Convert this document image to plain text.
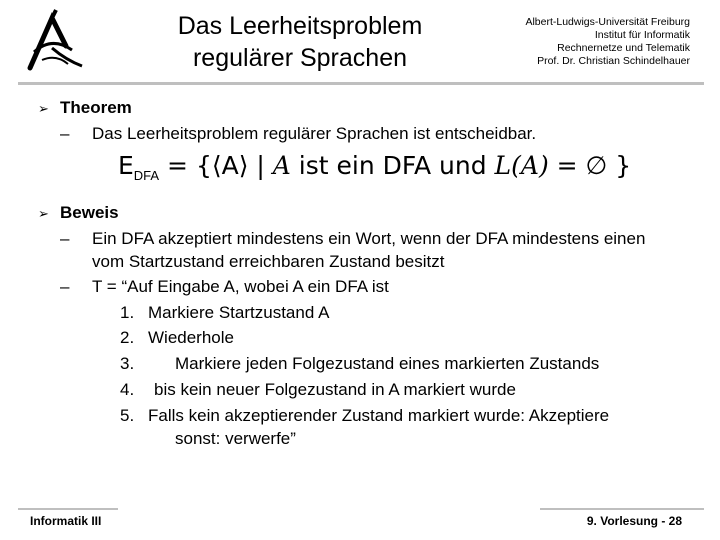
Das Leerheitsproblem
regulärer Sprachen
Albert-Ludwigs-Universität Freiburg
Institut für Informatik
Rechnernetze und Telematik
Prof. Dr. Christian Schindelhauer
➢ Theorem
– Das Leerheitsproblem regulärer Sprachen ist entscheidbar.
$E_{DFA}$ = {⟨A⟩ | A ist ein DFA und L(A) = ∅ }
➢ Beweis
– Ein DFA akzeptiert mindestens ein Wort, wenn der DFA mindestens einen
vom Startzustand erreichbaren Zustand besitzt
– T = “Auf Eingabe A, wobei A ein DFA ist
1. Markiere Startzustand A
2. Wiederhole
3. Markiere jeden Folgezustand eines markierten Zustands
4. bis kein neuer Folgezustand in A markiert wurde
5. Falls kein akzeptierender Zustand markiert wurde: Akzeptiere
sonst: verwerfe”
Informatik III	9. Vorlesung - 28
